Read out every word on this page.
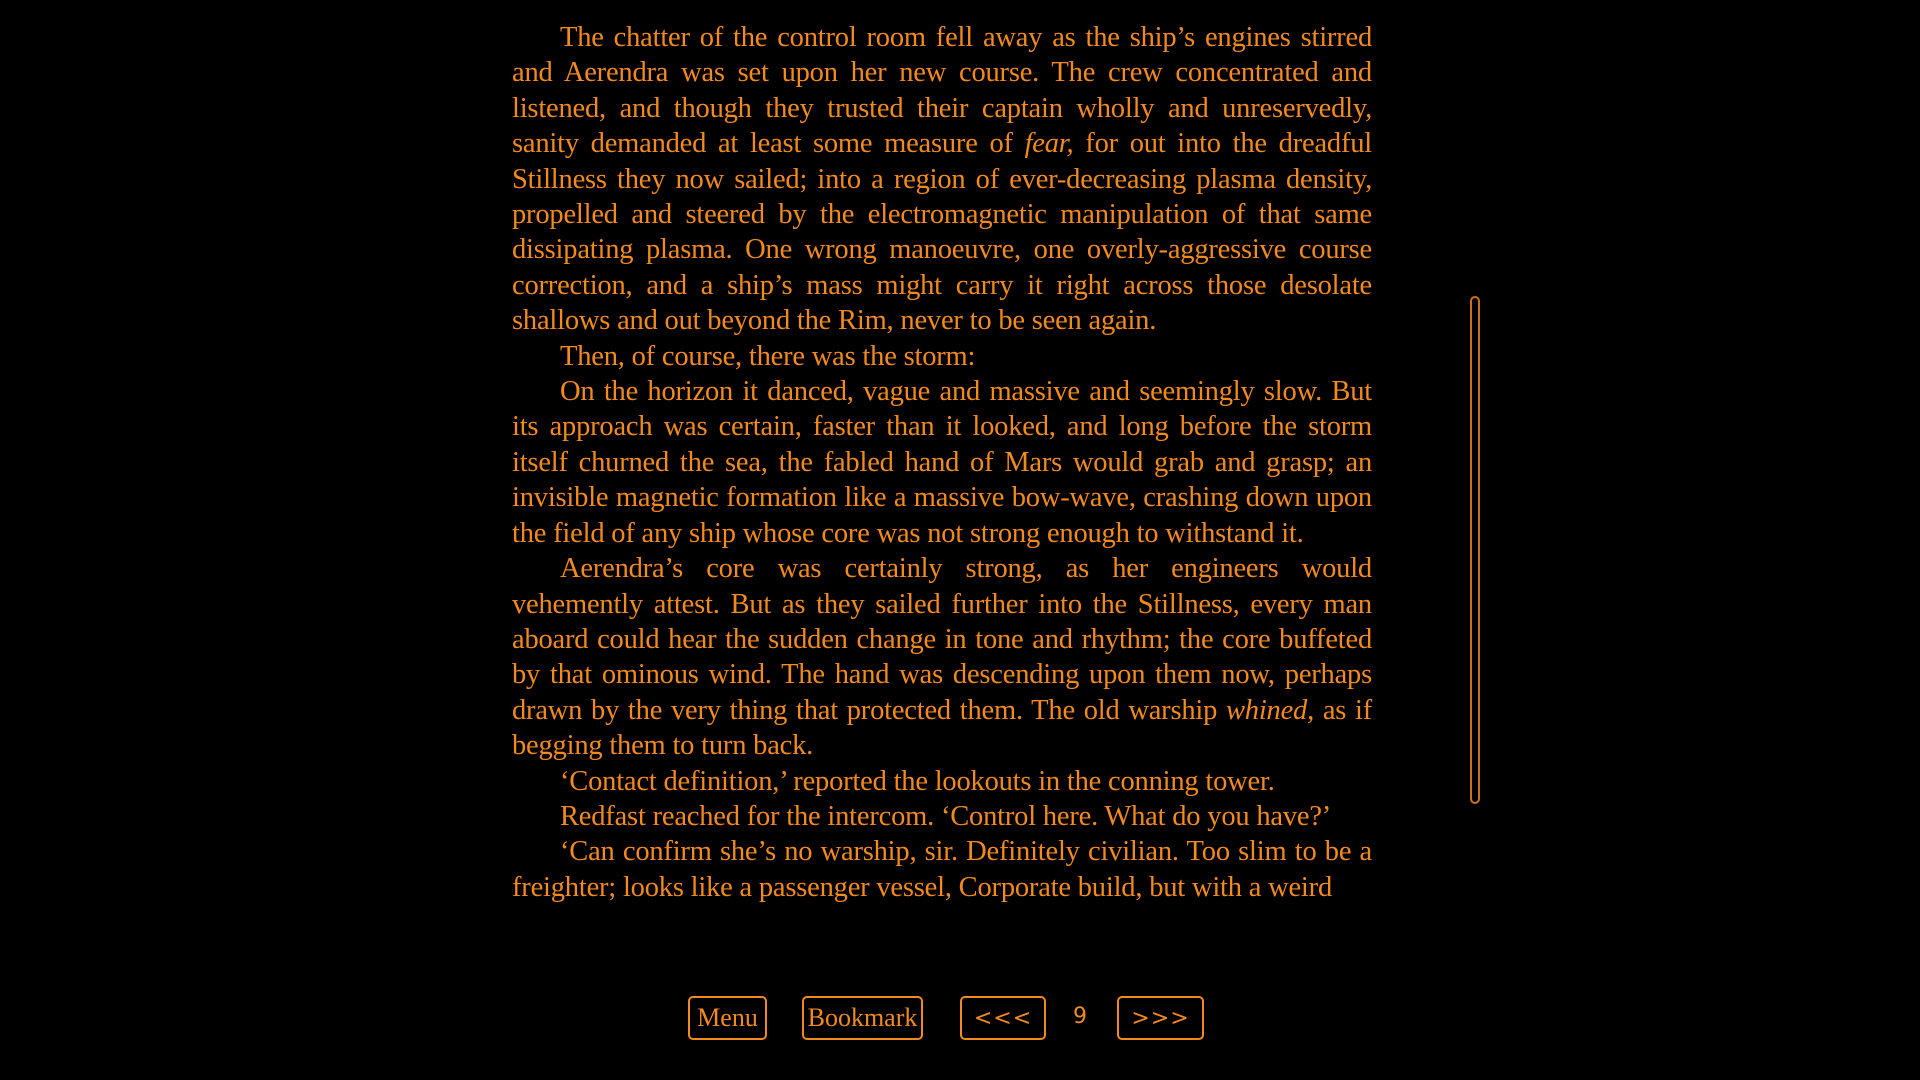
The chatter of the control room fell away as the ship’s engines stirred and Aerendra was set upon her new course. The crew concentrated and listened, and though they trusted their captain wholly and unreservedly, sanity demanded at least some measure of fear, for out into the dreadful Stillness they now sailed; into a region of ever-decreasing plasma density, propelled and steered by the electromagnetic manipulation of that same dissipating plasma. One wrong manoeuvre, one overly-aggressive course correction, and a ship’s mass might carry it right across those desolate shallows and out beyond the Rim, never to be seen again.

Then, of course, there was the storm:

On the horizon it danced, vague and massive and seemingly slow. But its approach was certain, faster than it looked, and long before the storm itself churned the sea, the fabled hand of Mars would grab and grasp; an invisible magnetic formation like a massive bow-wave, crashing down upon the field of any ship whose core was not strong enough to withstand it.

Aerendra’s core was certainly strong, as her engineers would vehemently attest. But as they sailed further into the Stillness, every man aboard could hear the sudden change in tone and rhythm; the core buffeted by that ominous wind. The hand was descending upon them now, perhaps drawn by the very thing that protected them. The old warship whined, as if begging them to turn back.

‘Contact definition,’ reported the lookouts in the conning tower.

Redfast reached for the intercom. ‘Control here. What do you have?’

‘Can confirm she’s no warship, sir. Definitely civilian. Too slim to be a freighter; looks like a passenger vessel, Corporate build, but with a weird

Menu	Bookmark	<<<	9	>>>
